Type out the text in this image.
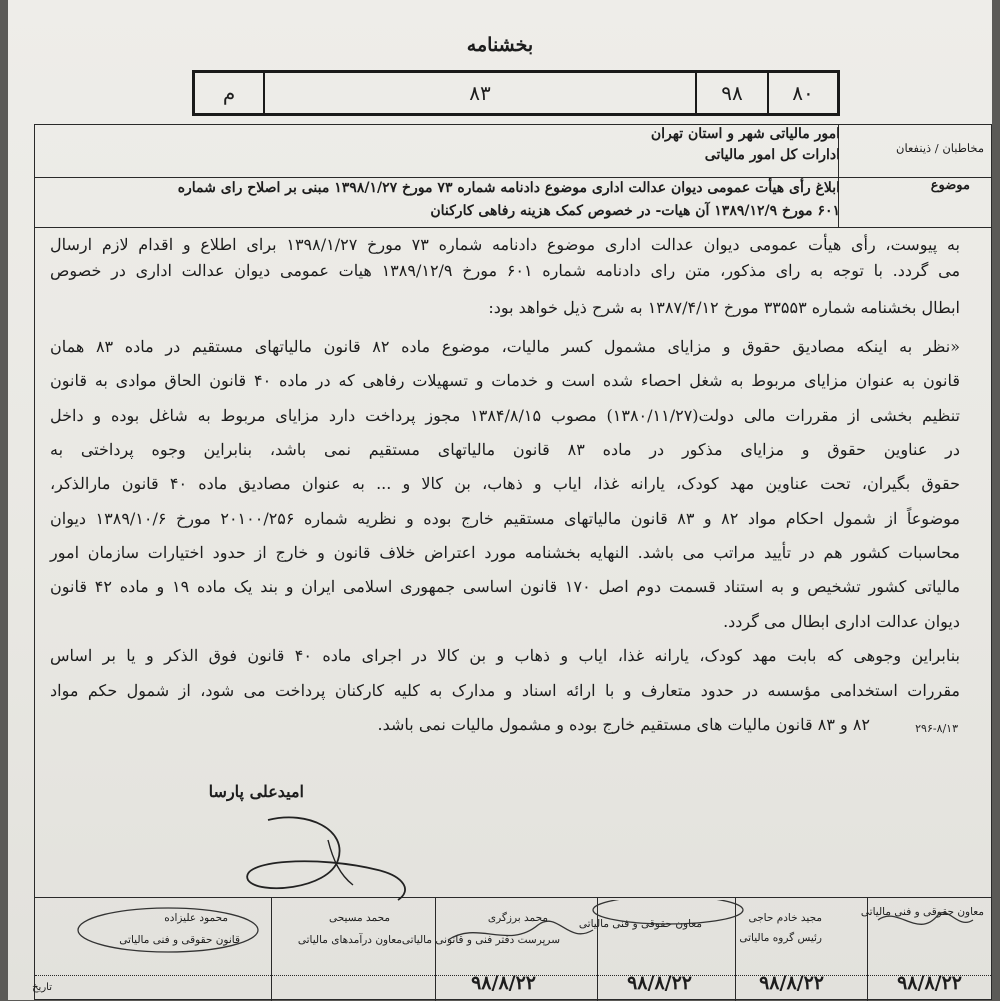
بخشنامه
۸۰
۹۸
۸۳
م
مخاطبان / ذینفعان
امور مالیاتی شهر و استان تهران
ادارات کل امور مالیاتی
موضوع
ابلاغ رأی هیأت عمومی دیوان عدالت اداری موضوع دادنامه شماره ۷۳ مورخ ۱۳۹۸/۱/۲۷ مبنی بر اصلاح رای شماره
۶۰۱ مورخ ۱۳۸۹/۱۲/۹ آن هیات- در خصوص کمک هزینه رفاهی کارکنان
به پیوست، رأی هیأت عمومی دیوان عدالت اداری موضوع دادنامه شماره ۷۳ مورخ ۱۳۹۸/۱/۲۷ برای اطلاع و اقدام لازم ارسال
می گردد. با توجه به رای مذکور، متن رای دادنامه شماره ۶۰۱ مورخ ۱۳۸۹/۱۲/۹ هیات عمومی دیوان عدالت اداری در خصوص
ابطال بخشنامه شماره ۳۳۵۵۳ مورخ ۱۳۸۷/۴/۱۲ به شرح ذیل خواهد بود:
«نظر به اینکه مصادیق حقوق و مزایای مشمول کسر مالیات، موضوع ماده ۸۲ قانون مالیاتهای مستقیم در ماده ۸۳ همان
قانون به عنوان مزایای مربوط به شغل احصاء شده است و خدمات و تسهیلات رفاهی که در ماده ۴۰ قانون الحاق موادی به قانون
تنظیم بخشی از مقررات مالی دولت(۱۳۸۰/۱۱/۲۷) مصوب ۱۳۸۴/۸/۱۵ مجوز پرداخت دارد مزایای مربوط به شاغل بوده و داخل
در عناوین حقوق و مزایای مذکور در ماده ۸۳ قانون مالیاتهای مستقیم نمی باشد، بنابراین وجوه پرداختی به
حقوق بگیران، تحت عناوین مهد کودک، یارانه غذا، ایاب و ذهاب، بن کالا و ... به عنوان مصادیق ماده ۴۰ قانون مارالذکر،
موضوعاً از شمول احکام مواد ۸۲ و ۸۳ قانون مالیاتهای مستقیم خارج بوده و نظریه شماره ۲۰۱۰۰/۲۵۶ مورخ ۱۳۸۹/۱۰/۶ دیوان
محاسبات کشور هم در تأیید مراتب می باشد. النهایه بخشنامه مورد اعتراض خلاف قانون و خارج از حدود اختیارات سازمان امور
مالیاتی کشور تشخیص و به استناد قسمت دوم اصل ۱۷۰ قانون اساسی جمهوری اسلامی ایران و بند یک ماده ۱۹ و ماده ۴۲ قانون
دیوان عدالت اداری ابطال می گردد.
بنابراین وجوهی که بابت مهد کودک، یارانه غذا، ایاب و ذهاب و بن کالا در اجرای ماده ۴۰ قانون فوق الذکر و یا بر اساس
مقررات استخدامی مؤسسه در حدود متعارف و با ارائه اسناد و مدارک به کلیه کارکنان پرداخت می شود، از شمول حکم مواد
۸۲ و ۸۳ قانون مالیات های مستقیم خارج بوده و مشمول مالیات نمی باشد.	۲۹۶-۸/۱۳
امیدعلی پارسا
معاون حقوقی و فنی مالیاتی
مجید خادم حاجی
رئیس گروه مالیاتی
معاون حقوقی و فنی مالیاتی
محمد برزگری
سرپرست دفتر فنی و قانونی مالیاتی
محمد مسیحی
معاون درآمدهای مالیاتی
محمود علیزاده
قانون حقوقی و فنی مالیاتی
تاریخ	۹۸/۸/۲۲
۹۸/۸/۲۲
۹۸/۸/۲۲
۹۸/۸/۲۲
